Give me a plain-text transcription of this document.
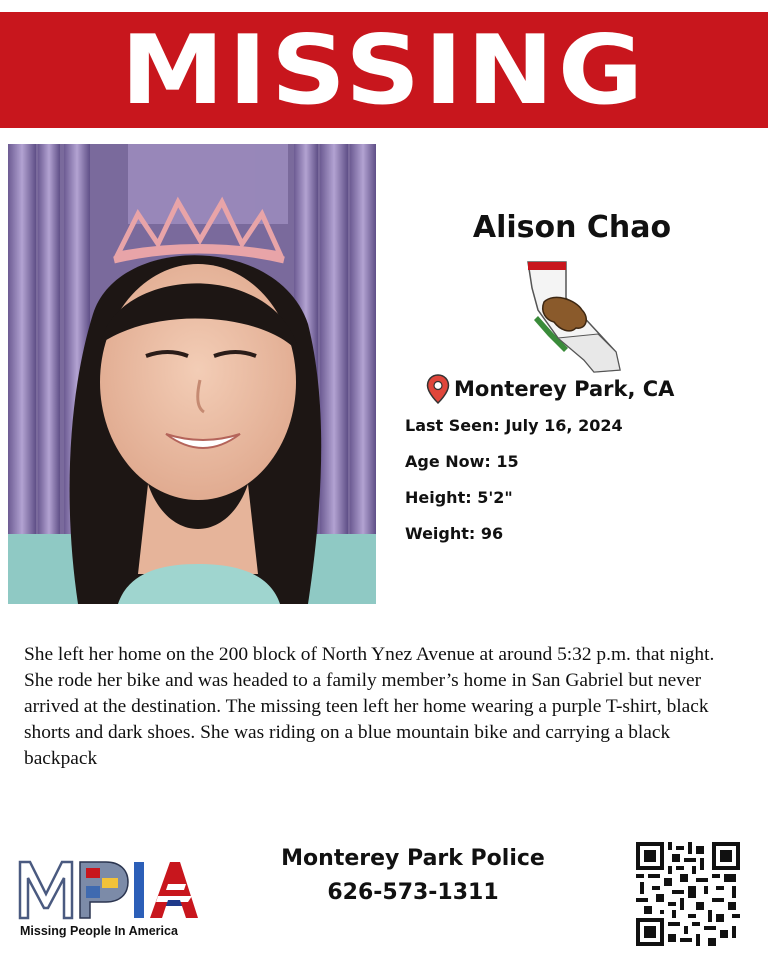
MISSING
Alison Chao
Monterey Park, CA
Last Seen: July 16, 2024
Age Now: 15
Height: 5'2"
Weight: 96
She left her home on the 200 block of North Ynez Avenue at around 5:32 p.m. that night. She rode her bike and was headed to a family member’s home in San Gabriel but never arrived at the destination. The missing teen left her home wearing a purple T-shirt, black shorts and dark shoes. She was riding on a blue mountain bike and carrying a black backpack
Missing People In America
Monterey Park Police
626-573-1311
